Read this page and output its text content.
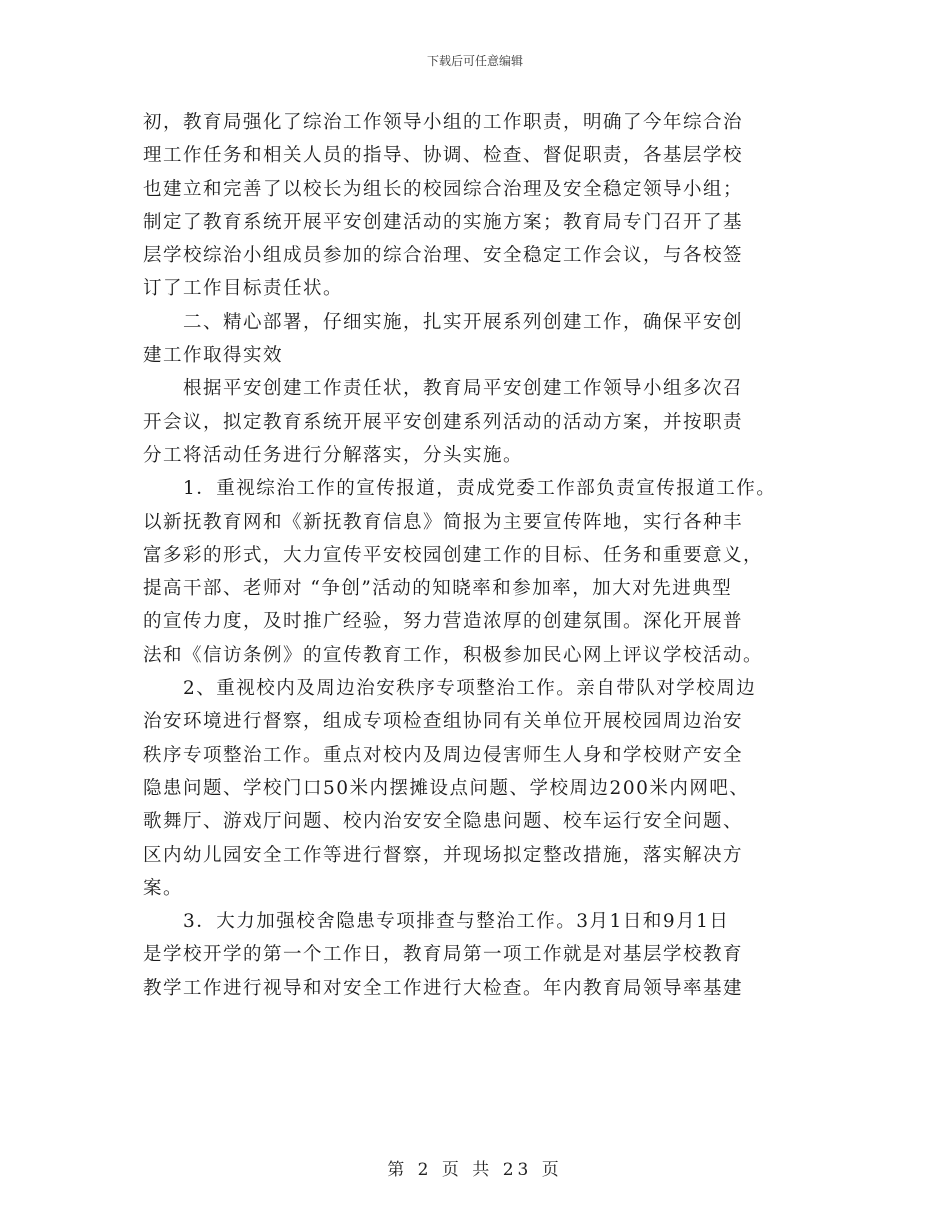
下载后可任意编辑

初，教育局强化了综治工作领导小组的工作职责，明确了今年综合治
理工作任务和相关人员的指导、协调、检查、督促职责，各基层学校
也建立和完善了以校长为组长的校园综合治理及安全稳定领导小组；
制定了教育系统开展平安创建活动的实施方案；教育局专门召开了基
层学校综治小组成员参加的综合治理、安全稳定工作会议，与各校签
订了工作目标责任状。

二、精心部署，仔细实施，扎实开展系列创建工作，确保平安创
建工作取得实效

根据平安创建工作责任状，教育局平安创建工作领导小组多次召
开会议，拟定教育系统开展平安创建系列活动的活动方案，并按职责
分工将活动任务进行分解落实，分头实施。

1．重视综治工作的宣传报道，责成党委工作部负责宣传报道工作。
以新抚教育网和《新抚教育信息》简报为主要宣传阵地，实行各种丰
富多彩的形式，大力宣传平安校园创建工作的目标、任务和重要意义，
提高干部、老师对 “争创”活动的知晓率和参加率，加大对先进典型
的宣传力度，及时推广经验，努力营造浓厚的创建氛围。深化开展普
法和《信访条例》的宣传教育工作，积极参加民心网上评议学校活动。

2、重视校内及周边治安秩序专项整治工作。亲自带队对学校周边
治安环境进行督察，组成专项检查组协同有关单位开展校园周边治安
秩序专项整治工作。重点对校内及周边侵害师生人身和学校财产安全
隐患问题、学校门口50米内摆摊设点问题、学校周边200米内网吧、
歌舞厅、游戏厅问题、校内治安安全隐患问题、校车运行安全问题、
区内幼儿园安全工作等进行督察，并现场拟定整改措施，落实解决方
案。

3．大力加强校舍隐患专项排查与整治工作。3月1日和9月1日
是学校开学的第一个工作日，教育局第一项工作就是对基层学校教育
教学工作进行视导和对安全工作进行大检查。年内教育局领导率基建

第 2 页 共 23 页
